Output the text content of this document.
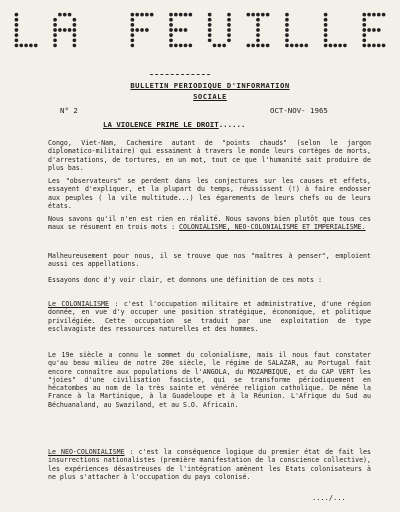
BULLETIN PERIODIQUE D'INFORMATION
SOCIALE
N° 2	OCT-NOV- 1965
LA VIOLENCE PRIME LE DROIT......

Congo, Viet-Nam, Cachemire autant de "points chauds" (selon le jargon diplomatico-militaire) qui essaiment à travers le monde leurs cortèges de morts, d'arrestations, de tortures, en un mot, tout ce que l'humanité sait produire de plus bas.

Les "observateurs" se perdent dans les conjectures sur les causes et effets, essayent d'expliquer, et la plupart du temps, réussissent (!) à faire endosser aux peuples ( la vile multitude...) les égarements de leurs chefs ou de leurs états.

Nous savons qu'il n'en est rien en réalité. Nous savons bien plutôt que tous ces maux se résument en trois mots : COLONIALISME, NEO-COLONIALISME ET IMPERIALISME.

Malheureusement pour nous, il se trouve que nos "maîtres à penser", emploient aussi ces appellations.

Essayons donc d'y voir clair, et donnons une définition de ces mots :

Le COLONIALISME : c'est l'occupation militaire et administrative, d'une région donnée, en vue d'y occuper une position stratégique, économique, et politique privilégiée. Cette occupation se traduit par une exploitation de type esclavagiste des ressources naturelles et des hommes.

Le 19e siècle a connu le sommet du colonialisme, mais il nous faut constater qu'au beau milieu de notre 20e siècle, le régime de SALAZAR, au Portugal fait encore connaître aux populations de l'ANGOLA, du MOZAMBIQUE, et du CAP VERT les "joies" d'une civilisation fasciste, qui se transforme périodiquement en hécatombes au nom de la très sainte et vénérée religion catholique. De même la France à la Martinique, à la Guadeloupe et à la Réunion. L'Afrique du Sud au Béchuanaland, au Swaziland, et au S.O. Africain.

Le NEO-COLONIALISME : c'est la conséquence logique du premier état de fait les insurrections nationalistes (première manifestation de la conscience collective), les expériences désastreuses de l'intégration amènent les Etats colonisateurs à ne plus s'attacher à l'occupation du pays colonisé.

..../...
